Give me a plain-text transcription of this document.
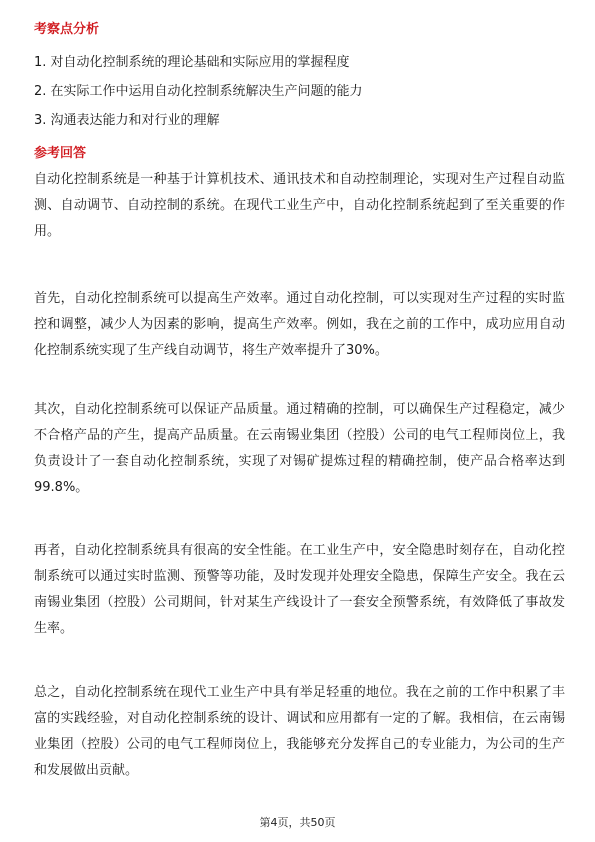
考察点分析
1. 对自动化控制系统的理论基础和实际应用的掌握程度
2. 在实际工作中运用自动化控制系统解决生产问题的能力
3. 沟通表达能力和对行业的理解
参考回答

自动化控制系统是一种基于计算机技术、通讯技术和自动控制理论，实现对生产过程自动监测、自动调节、自动控制的系统。在现代工业生产中，自动化控制系统起到了至关重要的作用。

首先，自动化控制系统可以提高生产效率。通过自动化控制，可以实现对生产过程的实时监控和调整，减少人为因素的影响，提高生产效率。例如，我在之前的工作中，成功应用自动化控制系统实现了生产线自动调节，将生产效率提升了30%。

其次，自动化控制系统可以保证产品质量。通过精确的控制，可以确保生产过程稳定，减少不合格产品的产生，提高产品质量。在云南锡业集团（控股）公司的电气工程师岗位上，我负责设计了一套自动化控制系统，实现了对锡矿提炼过程的精确控制，使产品合格率达到99.8%。

再者，自动化控制系统具有很高的安全性能。在工业生产中，安全隐患时刻存在，自动化控制系统可以通过实时监测、预警等功能，及时发现并处理安全隐患，保障生产安全。我在云南锡业集团（控股）公司期间，针对某生产线设计了一套安全预警系统，有效降低了事故发生率。

总之，自动化控制系统在现代工业生产中具有举足轻重的地位。我在之前的工作中积累了丰富的实践经验，对自动化控制系统的设计、调试和应用都有一定的了解。我相信，在云南锡业集团（控股）公司的电气工程师岗位上，我能够充分发挥自己的专业能力，为公司的生产和发展做出贡献。

第4页，共50页
